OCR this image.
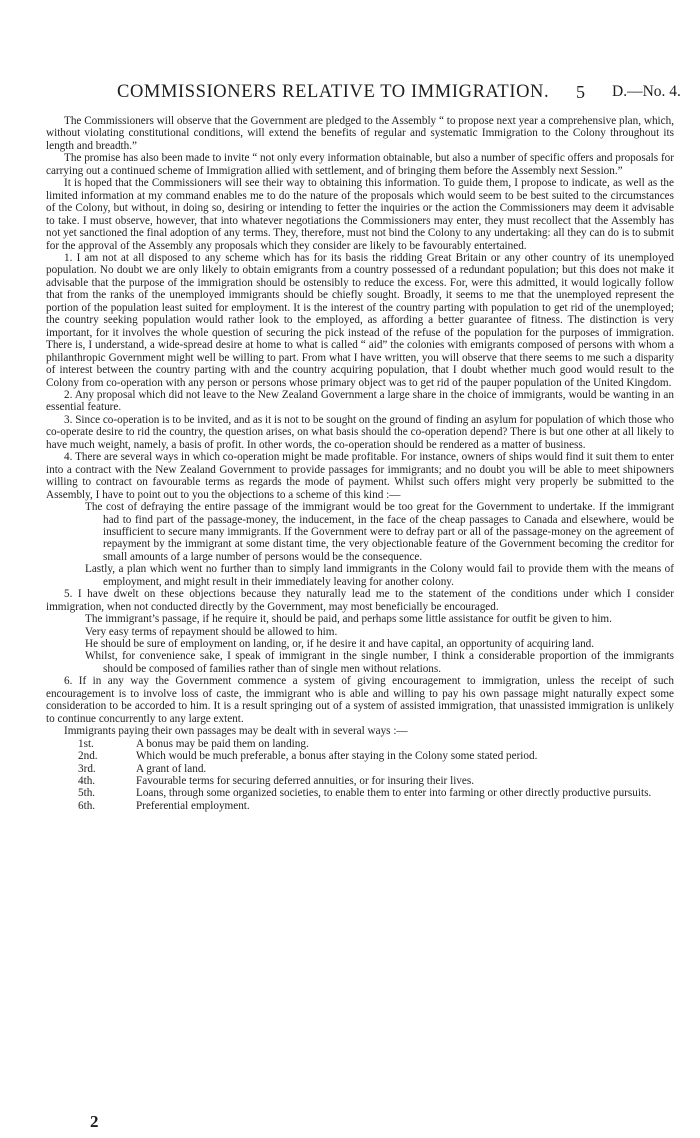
COMMISSIONERS RELATIVE TO IMMIGRATION. 5 D.—No. 4.

The Commissioners will observe that the Government are pledged to the Assembly “ to propose next year a comprehensive plan, which, without violating constitutional conditions, will extend the benefits of regular and systematic Immigration to the Colony throughout its length and breadth.”

The promise has also been made to invite “ not only every information obtainable, but also a number of specific offers and proposals for carrying out a continued scheme of Immigration allied with settlement, and of bringing them before the Assembly next Session.”

It is hoped that the Commissioners will see their way to obtaining this information. To guide them, I propose to indicate, as well as the limited information at my command enables me to do the nature of the proposals which would seem to be best suited to the circumstances of the Colony, but without, in doing so, desiring or intending to fetter the inquiries or the action the Commissioners may deem it advisable to take. I must observe, however, that into whatever negotiations the Commissioners may enter, they must recollect that the Assembly has not yet sanctioned the final adoption of any terms. They, therefore, must not bind the Colony to any undertaking: all they can do is to submit for the approval of the Assembly any proposals which they consider are likely to be favourably entertained.

1. I am not at all disposed to any scheme which has for its basis the ridding Great Britain or any other country of its unemployed population. No doubt we are only likely to obtain emigrants from a country possessed of a redundant population; but this does not make it advisable that the purpose of the immigration should be ostensibly to reduce the excess. For, were this admitted, it would logically follow that from the ranks of the unemployed immigrants should be chiefly sought. Broadly, it seems to me that the unemployed represent the portion of the population least suited for employment. It is the interest of the country parting with population to get rid of the unemployed; the country seeking population would rather look to the employed, as affording a better guarantee of fitness. The distinction is very important, for it involves the whole question of securing the pick instead of the refuse of the population for the purposes of immigration. There is, I understand, a wide-spread desire at home to what is called “ aid” the colonies with emigrants composed of persons with whom a philanthropic Government might well be willing to part. From what I have written, you will observe that there seems to me such a disparity of interest between the country parting with and the country acquiring population, that I doubt whether much good would result to the Colony from co-operation with any person or persons whose primary object was to get rid of the pauper population of the United Kingdom.

2. Any proposal which did not leave to the New Zealand Government a large share in the choice of immigrants, would be wanting in an essential feature.

3. Since co-operation is to be invited, and as it is not to be sought on the ground of finding an asylum for population of which those who co-operate desire to rid the country, the question arises, on what basis should the co-operation depend? There is but one other at all likely to have much weight, namely, a basis of profit. In other words, the co-operation should be rendered as a matter of business.

4. There are several ways in which co-operation might be made profitable. For instance, owners of ships would find it suit them to enter into a contract with the New Zealand Government to provide passages for immigrants; and no doubt you will be able to meet shipowners willing to contract on favourable terms as regards the mode of payment. Whilst such offers might very properly be submitted to the Assembly, I have to point out to you the objections to a scheme of this kind :—

The cost of defraying the entire passage of the immigrant would be too great for the Government to undertake. If the immigrant had to find part of the passage-money, the inducement, in the face of the cheap passages to Canada and elsewhere, would be insufficient to secure many immigrants. If the Government were to defray part or all of the passage-money on the agreement of repayment by the immigrant at some distant time, the very objectionable feature of the Government becoming the creditor for small amounts of a large number of persons would be the consequence.

Lastly, a plan which went no further than to simply land immigrants in the Colony would fail to provide them with the means of employment, and might result in their immediately leaving for another colony.

5. I have dwelt on these objections because they naturally lead me to the statement of the conditions under which I consider immigration, when not conducted directly by the Government, may most beneficially be encouraged.

The immigrant’s passage, if he require it, should be paid, and perhaps some little assistance for outfit be given to him.

Very easy terms of repayment should be allowed to him.

He should be sure of employment on landing, or, if he desire it and have capital, an opportunity of acquiring land.

Whilst, for convenience sake, I speak of immigrant in the single number, I think a considerable proportion of the immigrants should be composed of families rather than of single men without relations.

6. If in any way the Government commence a system of giving encouragement to immigration, unless the receipt of such encouragement is to involve loss of caste, the immigrant who is able and willing to pay his own passage might naturally expect some consideration to be accorded to him. It is a result springing out of a system of assisted immigration, that unassisted immigration is unlikely to continue concurrently to any large extent.

Immigrants paying their own passages may be dealt with in several ways :—

1st.	A bonus may be paid them on landing.
2nd.	Which would be much preferable, a bonus after staying in the Colony some stated period.
3rd.	A grant of land.
4th.	Favourable terms for securing deferred annuities, or for insuring their lives.
5th.	Loans, through some organized societies, to enable them to enter into farming or other directly productive pursuits.
6th.	Preferential employment.
2
